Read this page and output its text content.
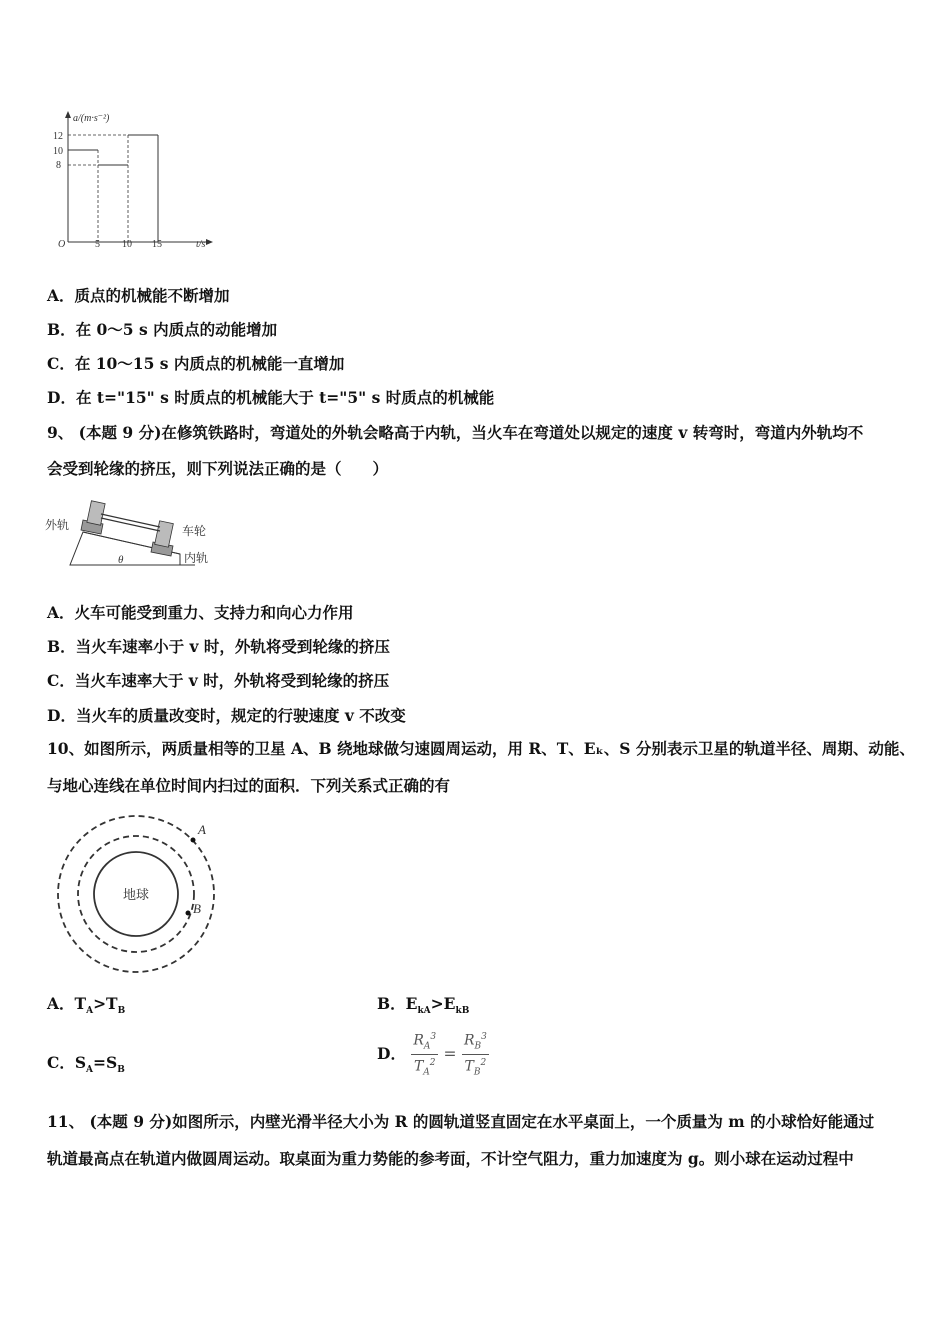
a/(m·s⁻²)
t/s
O
12
10
8
5 10 15
A．质点的机械能不断增加
B．在 0～5 s 内质点的动能增加
C．在 10～15 s 内质点的机械能一直增加
D．在 t="15" s 时质点的机械能大于 t="5" s 时质点的机械能
9、 (本题 9 分)在修筑铁路时，弯道处的外轨会略高于内轨，当火车在弯道处以规定的速度 v 转弯时，弯道内外轨均不
会受到轮缘的挤压，则下列说法正确的是（　　）
外轨	车轮
内轨
θ
A．火车可能受到重力、支持力和向心力作用
B．当火车速率小于 v 时，外轨将受到轮缘的挤压
C．当火车速率大于 v 时，外轨将受到轮缘的挤压
D．当火车的质量改变时，规定的行驶速度 v 不改变
10、如图所示，两质量相等的卫星 A、B 绕地球做匀速圆周运动，用 R、T、Eₖ、S 分别表示卫星的轨道半径、周期、动能、
与地心连线在单位时间内扫过的面积．下列关系式正确的有
地球
A
B
A．$T_A>T_B$	B．$E_{kA}>E_{kB}$
C．$S_A=S_B$
D． $\frac{R_A^3}{T_A^2} = \frac{R_B^3}{T_B^2}$
11、 (本题 9 分)如图所示，内壁光滑半径大小为 R 的圆轨道竖直固定在水平桌面上，一个质量为 m 的小球恰好能通过
轨道最高点在轨道内做圆周运动。取桌面为重力势能的参考面，不计空气阻力，重力加速度为 g。则小球在运动过程中
